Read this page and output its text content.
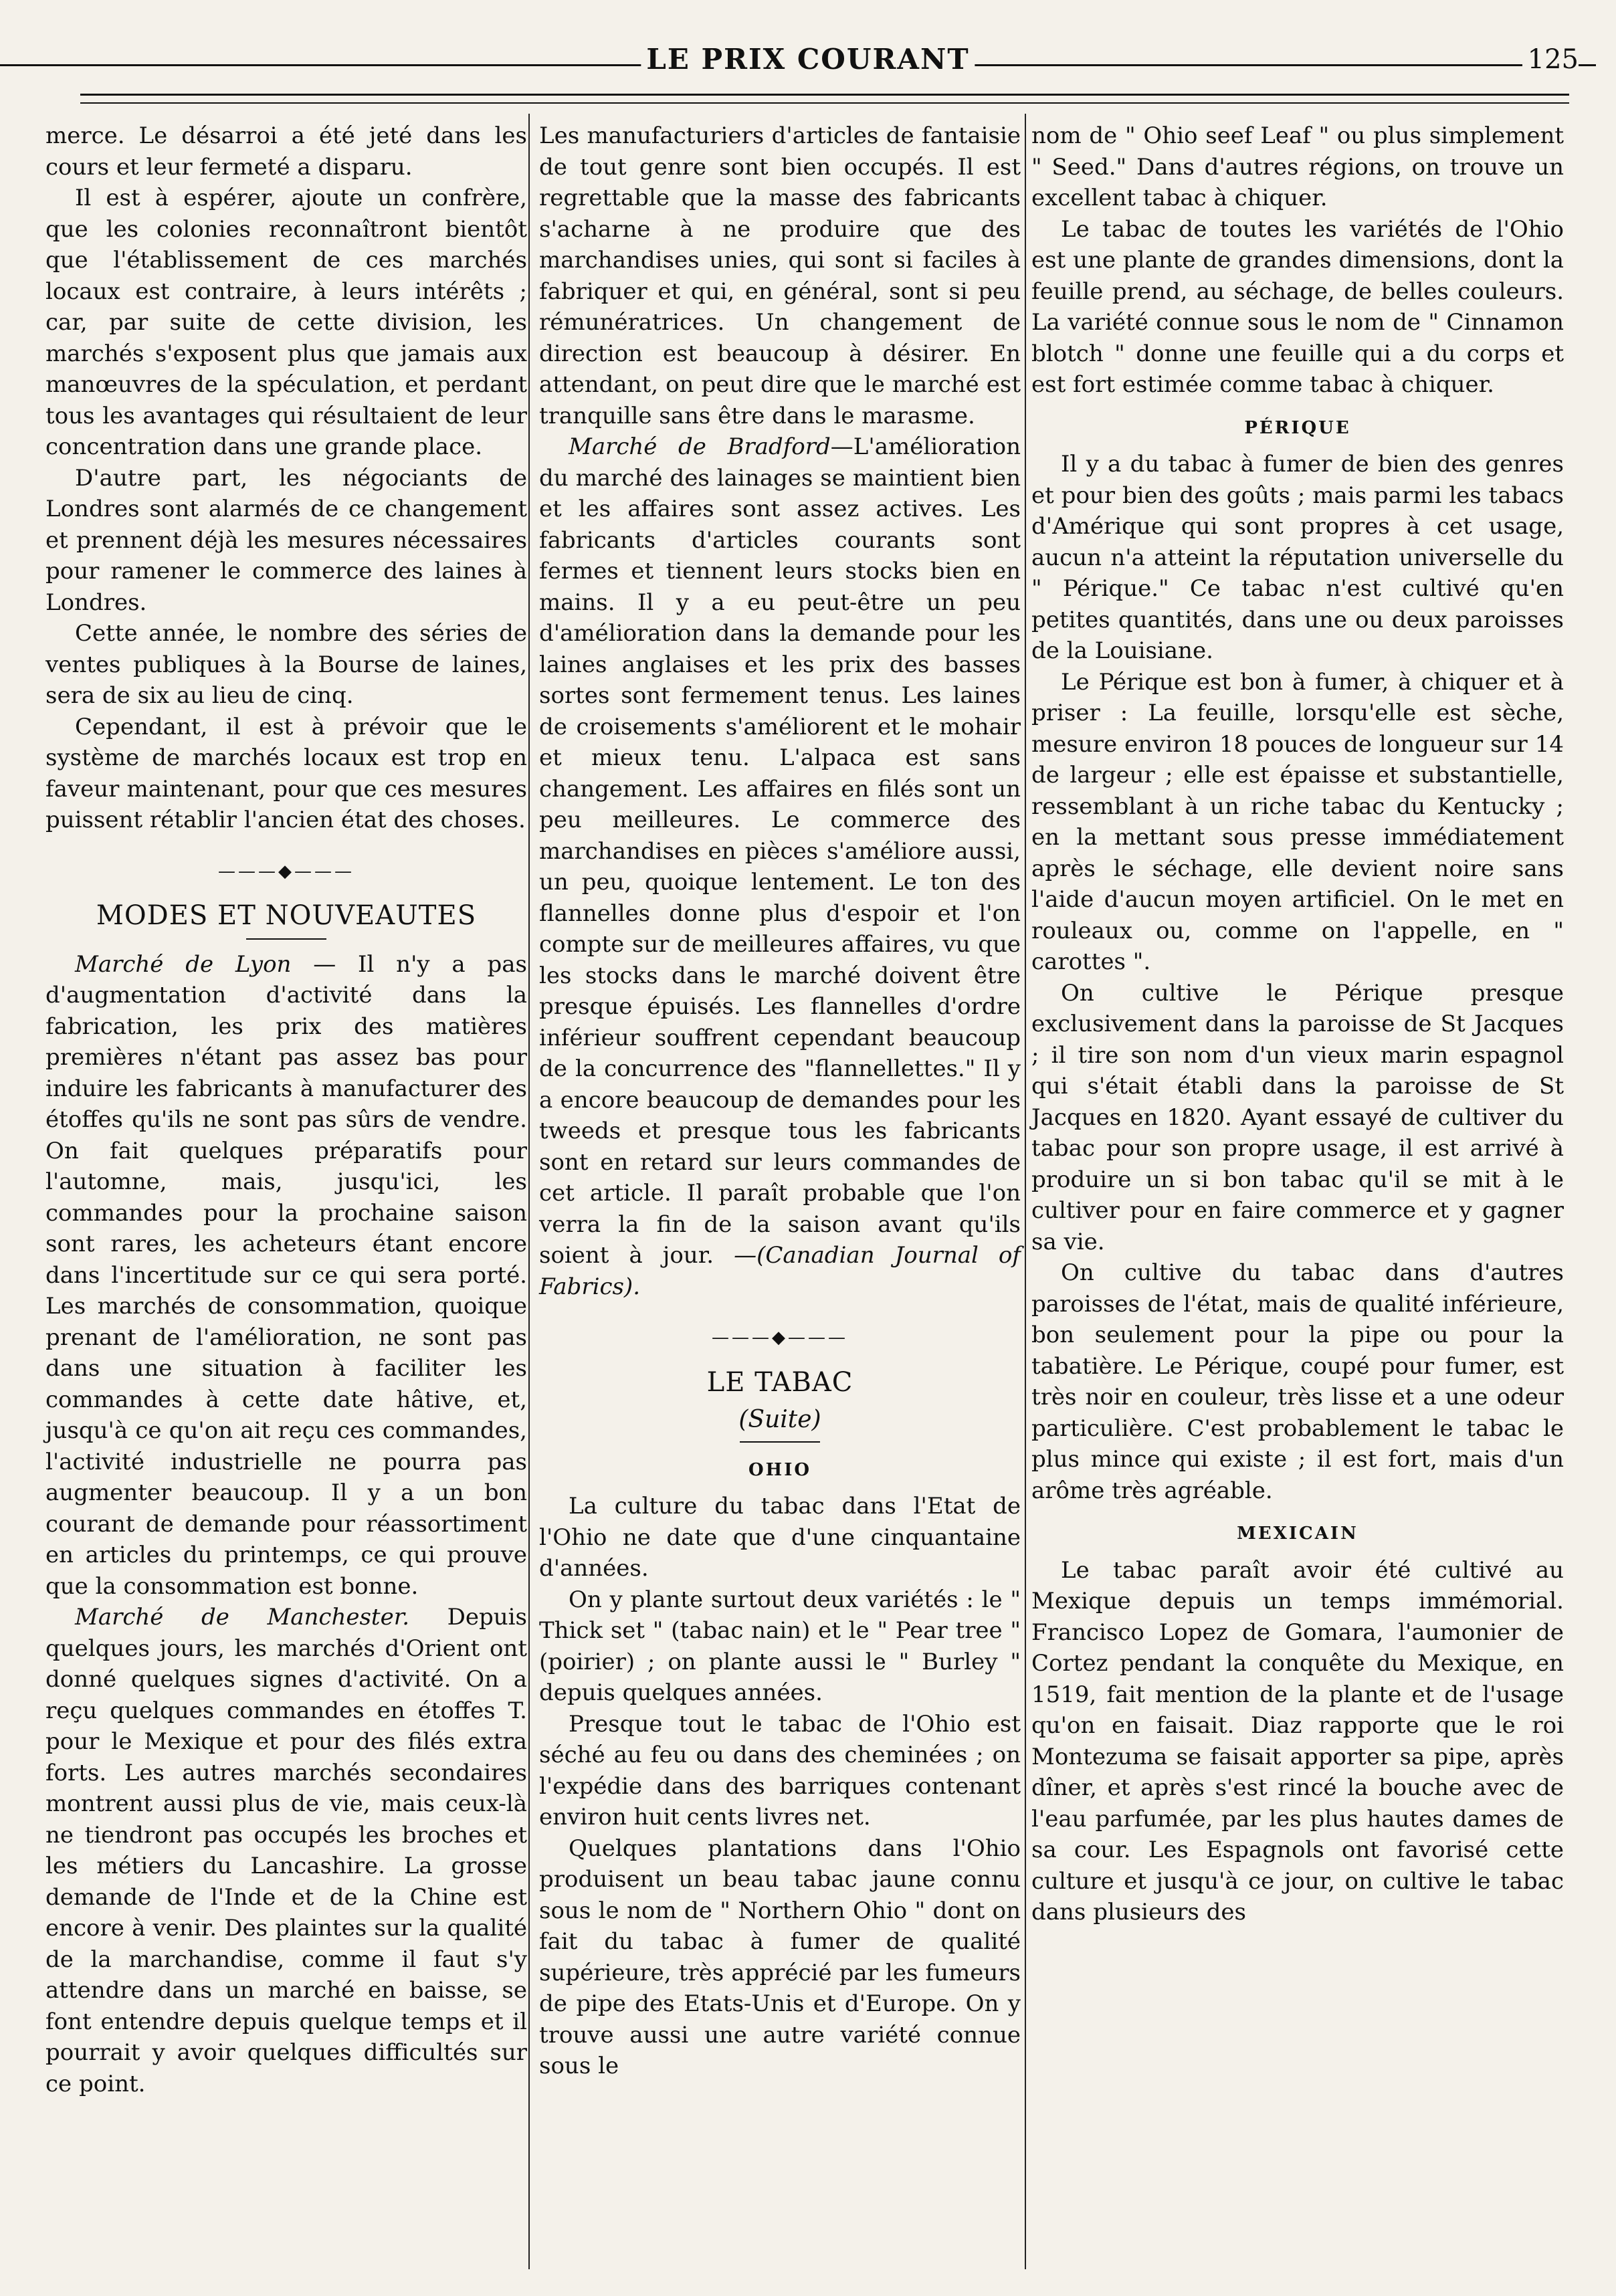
LE PRIX COURANT	125

merce. Le désarroi a été jeté dans les cours et leur fermeté a disparu.

Il est à espérer, ajoute un confrère, que les colonies reconnaîtront bientôt que l'établissement de ces marchés locaux est contraire, à leurs intérêts ; car, par suite de cette division, les marchés s'exposent plus que jamais aux manœuvres de la spéculation, et perdant tous les avantages qui résultaient de leur concentration dans une grande place.

D'autre part, les négociants de Londres sont alarmés de ce changement et prennent déjà les mesures nécessaires pour ramener le commerce des laines à Londres.

Cette année, le nombre des séries de ventes publiques à la Bourse de laines, sera de six au lieu de cinq.

Cependant, il est à prévoir que le système de marchés locaux est trop en faveur maintenant, pour que ces mesures puissent rétablir l'ancien état des choses.

———◆———
MODES ET NOUVEAUTES

Marché de Lyon — Il n'y a pas d'augmentation d'activité dans la fabrication, les prix des matières premières n'étant pas assez bas pour induire les fabricants à manufacturer des étoffes qu'ils ne sont pas sûrs de vendre. On fait quelques préparatifs pour l'automne, mais, jusqu'ici, les commandes pour la prochaine saison sont rares, les acheteurs étant encore dans l'incertitude sur ce qui sera porté. Les marchés de consommation, quoique prenant de l'amélioration, ne sont pas dans une situation à faciliter les commandes à cette date hâtive, et, jusqu'à ce qu'on ait reçu ces commandes, l'activité industrielle ne pourra pas augmenter beaucoup. Il y a un bon courant de demande pour réassortiment en articles du printemps, ce qui prouve que la consommation est bonne.

Marché de Manchester. Depuis quelques jours, les marchés d'Orient ont donné quelques signes d'activité. On a reçu quelques commandes en étoffes T. pour le Mexique et pour des filés extra forts. Les autres marchés secondaires montrent aussi plus de vie, mais ceux-là ne tiendront pas occupés les broches et les métiers du Lancashire. La grosse demande de l'Inde et de la Chine est encore à venir. Des plaintes sur la qualité de la marchandise, comme il faut s'y attendre dans un marché en baisse, se font entendre depuis quelque temps et il pourrait y avoir quelques difficultés sur ce point.

Les manufacturiers d'articles de fantaisie de tout genre sont bien occupés. Il est regrettable que la masse des fabricants s'acharne à ne produire que des marchandises unies, qui sont si faciles à fabriquer et qui, en général, sont si peu rémunératrices. Un changement de direction est beaucoup à désirer. En attendant, on peut dire que le marché est tranquille sans être dans le marasme.

Marché de Bradford—L'amélioration du marché des lainages se maintient bien et les affaires sont assez actives. Les fabricants d'articles courants sont fermes et tiennent leurs stocks bien en mains. Il y a eu peut-être un peu d'amélioration dans la demande pour les laines anglaises et les prix des basses sortes sont fermement tenus. Les laines de croisements s'améliorent et le mohair et mieux tenu. L'alpaca est sans changement. Les affaires en filés sont un peu meilleures. Le commerce des marchandises en pièces s'améliore aussi, un peu, quoique lentement. Le ton des flannelles donne plus d'espoir et l'on compte sur de meilleures affaires, vu que les stocks dans le marché doivent être presque épuisés. Les flannelles d'ordre inférieur souffrent cependant beaucoup de la concurrence des "flannellettes." Il y a encore beaucoup de demandes pour les tweeds et presque tous les fabricants sont en retard sur leurs commandes de cet article. Il paraît probable que l'on verra la fin de la saison avant qu'ils soient à jour. —(Canadian Journal of Fabrics).

———◆———
LE TABAC
(Suite)
OHIO

La culture du tabac dans l'Etat de l'Ohio ne date que d'une cinquantaine d'années.

On y plante surtout deux variétés : le " Thick set " (tabac nain) et le " Pear tree " (poirier) ; on plante aussi le " Burley " depuis quelques années.

Presque tout le tabac de l'Ohio est séché au feu ou dans des cheminées ; on l'expédie dans des barriques contenant environ huit cents livres net.

Quelques plantations dans l'Ohio produisent un beau tabac jaune connu sous le nom de " Northern Ohio " dont on fait du tabac à fumer de qualité supérieure, très apprécié par les fumeurs de pipe des Etats-Unis et d'Europe. On y trouve aussi une autre variété connue sous le

nom de " Ohio seef Leaf " ou plus simplement " Seed." Dans d'autres régions, on trouve un excellent tabac à chiquer.

Le tabac de toutes les variétés de l'Ohio est une plante de grandes dimensions, dont la feuille prend, au séchage, de belles couleurs. La variété connue sous le nom de " Cinnamon blotch " donne une feuille qui a du corps et est fort estimée comme tabac à chiquer.

PÉRIQUE

Il y a du tabac à fumer de bien des genres et pour bien des goûts ; mais parmi les tabacs d'Amérique qui sont propres à cet usage, aucun n'a atteint la réputation universelle du " Périque." Ce tabac n'est cultivé qu'en petites quantités, dans une ou deux paroisses de la Louisiane.

Le Périque est bon à fumer, à chiquer et à priser : La feuille, lorsqu'elle est sèche, mesure environ 18 pouces de longueur sur 14 de largeur ; elle est épaisse et substantielle, ressemblant à un riche tabac du Kentucky ; en la mettant sous presse immédiatement après le séchage, elle devient noire sans l'aide d'aucun moyen artificiel. On le met en rouleaux ou, comme on l'appelle, en " carottes ".

On cultive le Périque presque exclusivement dans la paroisse de St Jacques ; il tire son nom d'un vieux marin espagnol qui s'était établi dans la paroisse de St Jacques en 1820. Ayant essayé de cultiver du tabac pour son propre usage, il est arrivé à produire un si bon tabac qu'il se mit à le cultiver pour en faire commerce et y gagner sa vie.

On cultive du tabac dans d'autres paroisses de l'état, mais de qualité inférieure, bon seulement pour la pipe ou pour la tabatière. Le Périque, coupé pour fumer, est très noir en couleur, très lisse et a une odeur particulière. C'est probablement le tabac le plus mince qui existe ; il est fort, mais d'un arôme très agréable.

MEXICAIN

Le tabac paraît avoir été cultivé au Mexique depuis un temps immémorial. Francisco Lopez de Gomara, l'aumonier de Cortez pendant la conquête du Mexique, en 1519, fait mention de la plante et de l'usage qu'on en faisait. Diaz rapporte que le roi Montezuma se faisait apporter sa pipe, après dîner, et après s'est rincé la bouche avec de l'eau parfumée, par les plus hautes dames de sa cour. Les Espagnols ont favorisé cette culture et jusqu'à ce jour, on cultive le tabac dans plusieurs des
